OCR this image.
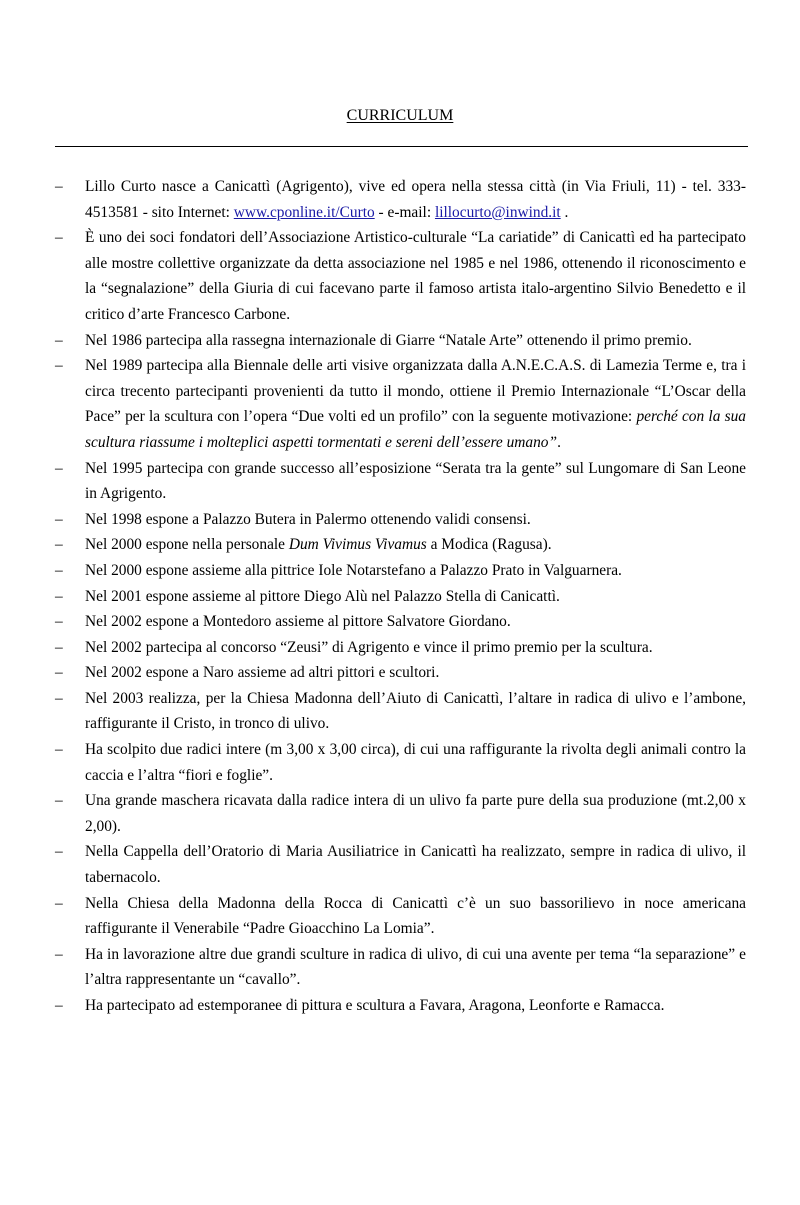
CURRICULUM
– Lillo Curto nasce a Canicattì (Agrigento), vive ed opera nella stessa città (in Via Friuli, 11) - tel. 333-4513581 - sito Internet: www.cponline.it/Curto - e-mail: lillocurto@inwind.it .
– È uno dei soci fondatori dell’Associazione Artistico-culturale “La cariatide” di Canicattì ed ha partecipato alle mostre collettive organizzate da detta associazione nel 1985 e nel 1986, ottenendo il riconoscimento e la “segnalazione” della Giuria di cui facevano parte il famoso artista italo-argentino Silvio Benedetto e il critico d’arte Francesco Carbone.
– Nel 1986 partecipa alla rassegna internazionale di Giarre “Natale Arte” ottenendo il primo premio.
– Nel 1989 partecipa alla Biennale delle arti visive organizzata dalla A.N.E.C.A.S. di Lamezia Terme e, tra i circa trecento partecipanti provenienti da tutto il mondo, ottiene il Premio Internazionale “L’Oscar della Pace” per la scultura con l’opera “Due volti ed un profilo” con la seguente motivazione: perché con la sua scultura riassume i molteplici aspetti tormentati e sereni dell’essere umano”.
– Nel 1995 partecipa con grande successo all’esposizione “Serata tra la gente” sul Lungomare di San Leone in Agrigento.
– Nel 1998 espone a Palazzo Butera in Palermo ottenendo validi consensi.
– Nel 2000 espone nella personale Dum Vivimus Vivamus a Modica (Ragusa).
– Nel 2000 espone assieme alla pittrice Iole Notarstefano a Palazzo Prato in Valguarnera.
– Nel 2001 espone assieme al pittore Diego Alù nel Palazzo Stella di Canicattì.
– Nel 2002 espone a Montedoro assieme al pittore Salvatore Giordano.
– Nel 2002 partecipa al concorso “Zeusi” di Agrigento e vince il primo premio per la scultura.
– Nel 2002 espone a Naro assieme ad altri pittori e scultori.
– Nel 2003 realizza, per la Chiesa Madonna dell’Aiuto di Canicattì, l’altare in radica di ulivo e l’ambone, raffigurante il Cristo, in tronco di ulivo.
– Ha scolpito due radici intere (m 3,00 x 3,00 circa), di cui una raffigurante la rivolta degli animali contro la caccia e l’altra “fiori e foglie”.
– Una grande maschera ricavata dalla radice intera di un ulivo fa parte pure della sua produzione (mt.2,00 x 2,00).
– Nella Cappella dell’Oratorio di Maria Ausiliatrice in Canicattì ha realizzato, sempre in radica di ulivo, il tabernacolo.
– Nella Chiesa della Madonna della Rocca di Canicattì c’è un suo bassorilievo in noce americana raffigurante il Venerabile “Padre Gioacchino La Lomia”.
– Ha in lavorazione altre due grandi sculture in radica di ulivo, di cui una avente per tema “la separazione” e l’altra rappresentante un “cavallo”.
– Ha partecipato ad estemporanee di pittura e scultura a Favara, Aragona, Leonforte e Ramacca.
